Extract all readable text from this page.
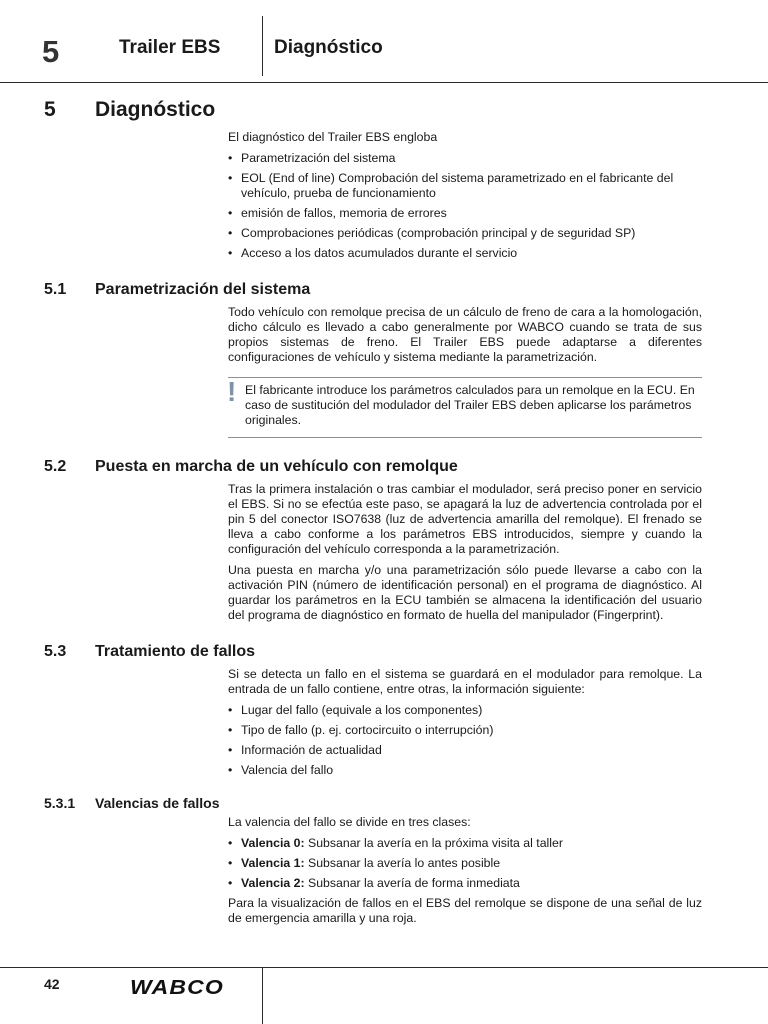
5	Trailer EBS	Diagnóstico
5 Diagnóstico

El diagnóstico del Trailer EBS engloba

• Parametrización del sistema
• EOL (End of line) Comprobación del sistema parametrizado en el fabricante del vehículo, prueba de funcionamiento
• emisión de fallos, memoria de errores
• Comprobaciones periódicas (comprobación principal y de seguridad SP)
• Acceso a los datos acumulados durante el servicio
5.1 Parametrización del sistema

Todo vehículo con remolque precisa de un cálculo de freno de cara a la homologación, dicho cálculo es llevado a cabo generalmente por WABCO cuando se trata de sus propios sistemas de freno. El Trailer EBS puede adaptarse a diferentes configuraciones de vehículo y sistema mediante la parametrización.

! El fabricante introduce los parámetros calculados para un remolque en la ECU. En caso de sustitución del modulador del Trailer EBS deben aplicarse los parámetros originales.
5.2 Puesta en marcha de un vehículo con remolque

Tras la primera instalación o tras cambiar el modulador, será preciso poner en servicio el EBS. Si no se efectúa este paso, se apagará la luz de advertencia controlada por el pin 5 del conector ISO7638 (luz de advertencia amarilla del remolque). El frenado se lleva a cabo conforme a los parámetros EBS introducidos, siempre y cuando la configuración del vehículo corresponda a la parametrización.

Una puesta en marcha y/o una parametrización sólo puede llevarse a cabo con la activación PIN (número de identificación personal) en el programa de diagnóstico. Al guardar los parámetros en la ECU también se almacena la identificación del usuario del programa de diagnóstico en formato de huella del manipulador (Fingerprint).

5.3 Tratamiento de fallos

Si se detecta un fallo en el sistema se guardará en el modulador para remolque. La entrada de un fallo contiene, entre otras, la información siguiente:

• Lugar del fallo (equivale a los componentes)
• Tipo de fallo (p. ej. cortocircuito o interrupción)
• Información de actualidad
• Valencia del fallo
5.3.1 Valencias de fallos

La valencia del fallo se divide en tres clases:

• Valencia 0: Subsanar la avería en la próxima visita al taller
• Valencia 1: Subsanar la avería lo antes posible
• Valencia 2: Subsanar la avería de forma inmediata

Para la visualización de fallos en el EBS del remolque se dispone de una señal de luz de emergencia amarilla y una roja.

42	WABCO
